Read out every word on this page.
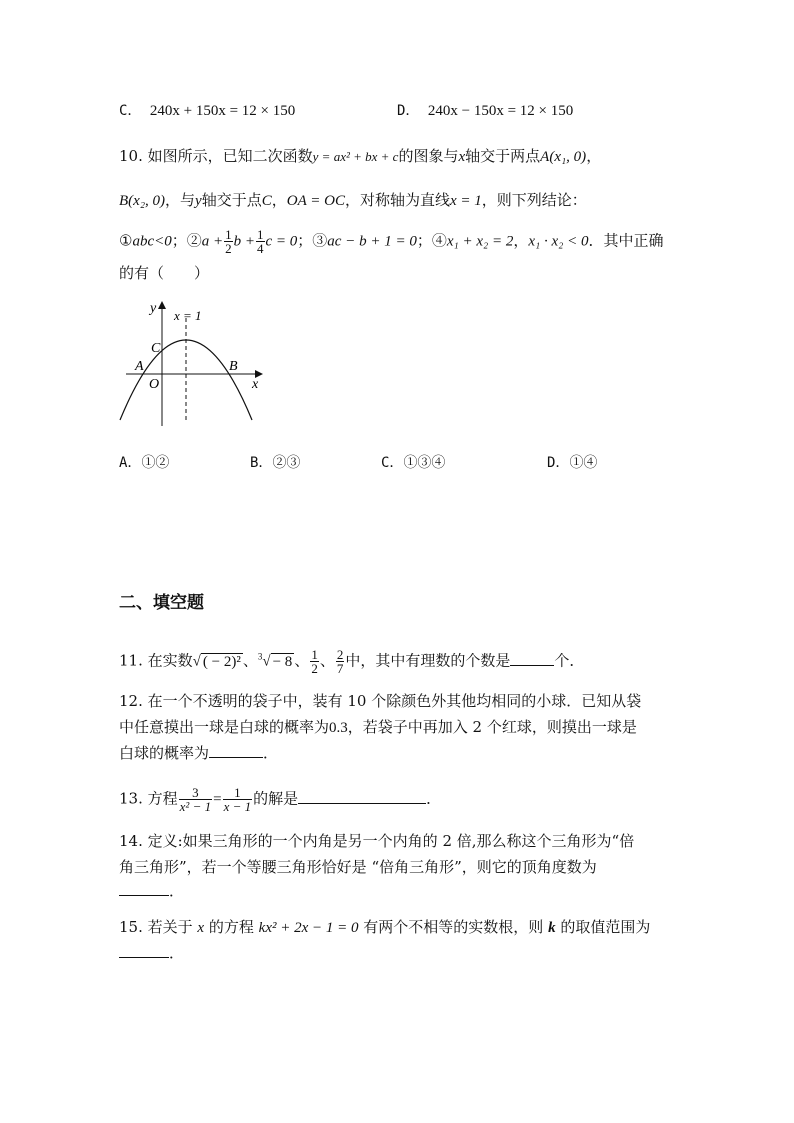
C． 240x + 150x = 12 × 150	D． 240x − 150x = 12 × 150
10. 如图所示，已知二次函数y = ax² + bx + c的图象与x轴交于两点A(x₁, 0)，
B(x₂, 0)，与y轴交于点C，OA = OC，对称轴为直线x = 1，则下列结论：
①abc<0；②a + $\frac{1}{2}$ $b + \frac{1}{4}$ c = 0；③ac − b + 1 = 0；④x₁ + x₂ = 2，x₁ · x₂ < 0．其中正确
的有（　　）
y
x
x = 1
C
A
O
B
A．①②	B．②③	C．①③④	D．①④
二、填空题
11. 在实数√ ( − 2)² 、$^3$√ − 8 、 $\frac{1}{2}$ 、 $\frac{2}{7}$ 中，其中有理数的个数是	个．
12. 在一个不透明的袋子中，装有 10 个除颜色外其他均相同的小球．已知从袋
中任意摸出一球是白球的概率为0.3，若袋子中再加入 2 个红球，则摸出一球是
白球的概率为	．
13. 方程 $\frac{3}{\text{x² − 1}} = \frac{1}{x - 1}$ 的解是	．
14. 定义:如果三角形的一个内角是另一个内角的 2 倍,那么称这个三角形为“倍
角三角形”，若一个等腰三角形恰好是 “倍角三角形”，则它的顶角度数为
．
15. 若关于 x 的方程 kx² + 2x − 1 = 0 有两个不相等的实数根，则 k 的取值范围为
．
